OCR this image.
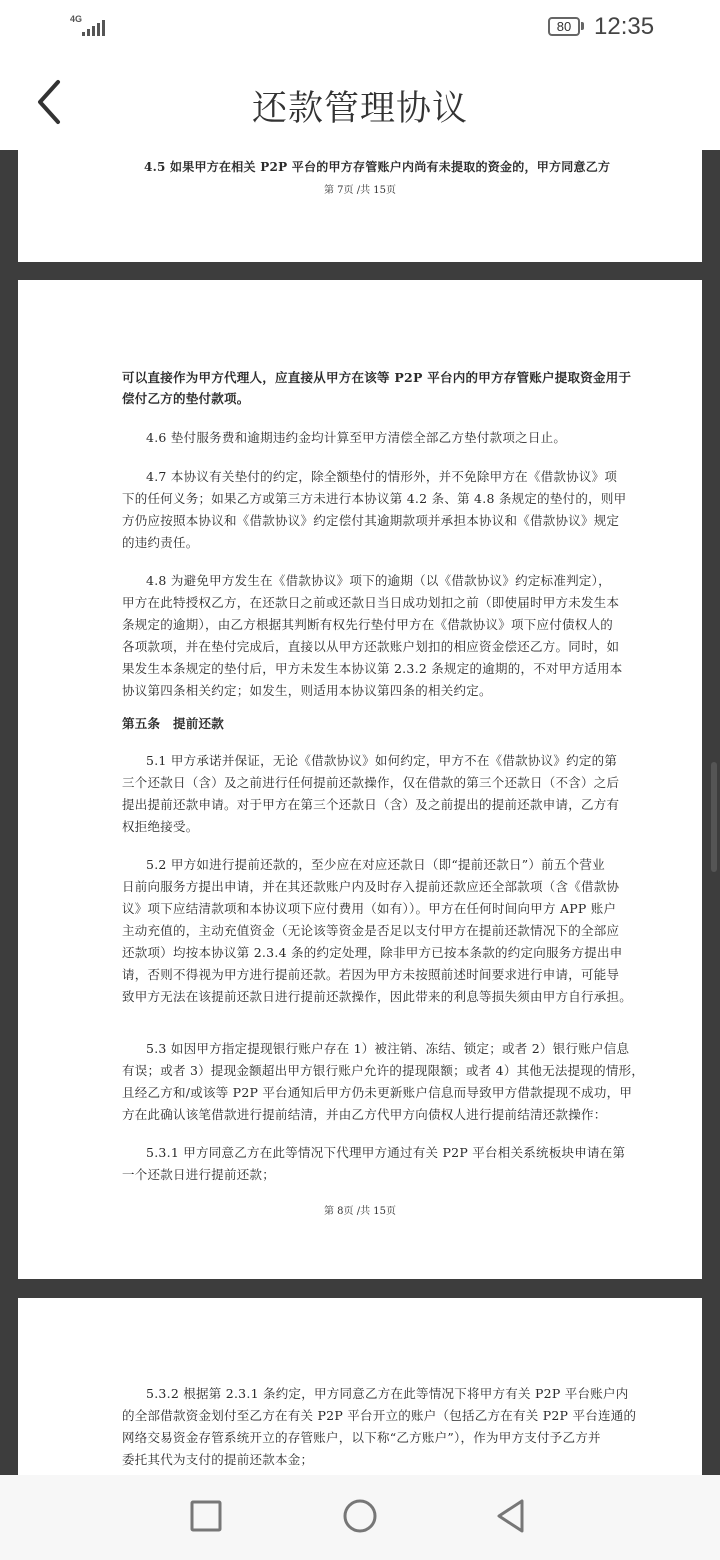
4G	80 12:35
还款管理协议
4.5 如果甲方在相关 P2P 平台的甲方存管账户内尚有未提取的资金的，甲方同意乙方
第 7页 /共 15页
可以直接作为甲方代理人，应直接从甲方在该等 P2P 平台内的甲方存管账户提取资金用于
偿付乙方的垫付款项。
4.6 垫付服务费和逾期违约金均计算至甲方清偿全部乙方垫付款项之日止。
4.7 本协议有关垫付的约定，除全额垫付的情形外，并不免除甲方在《借款协议》项
下的任何义务；如果乙方或第三方未进行本协议第 4.2 条、第 4.8 条规定的垫付的，则甲
方仍应按照本协议和《借款协议》约定偿付其逾期款项并承担本协议和《借款协议》规定
的违约责任。
4.8 为避免甲方发生在《借款协议》项下的逾期（以《借款协议》约定标准判定），
甲方在此特授权乙方，在还款日之前或还款日当日成功划扣之前（即使届时甲方未发生本
条规定的逾期），由乙方根据其判断有权先行垫付甲方在《借款协议》项下应付债权人的
各项款项，并在垫付完成后，直接以从甲方还款账户划扣的相应资金偿还乙方。同时，如
果发生本条规定的垫付后，甲方未发生本协议第 2.3.2 条规定的逾期的，不对甲方适用本
协议第四条相关约定；如发生，则适用本协议第四条的相关约定。
第五条　提前还款
5.1 甲方承诺并保证，无论《借款协议》如何约定，甲方不在《借款协议》约定的第
三个还款日（含）及之前进行任何提前还款操作，仅在借款的第三个还款日（不含）之后
提出提前还款申请。对于甲方在第三个还款日（含）及之前提出的提前还款申请，乙方有
权拒绝接受。
5.2 甲方如进行提前还款的，至少应在对应还款日（即“提前还款日”）前五个营业
日前向服务方提出申请，并在其还款账户内及时存入提前还款应还全部款项（含《借款协
议》项下应结清款项和本协议项下应付费用（如有））。甲方在任何时间向甲方 APP 账户
主动充值的，主动充值资金（无论该等资金是否足以支付甲方在提前还款情况下的全部应
还款项）均按本协议第 2.3.4 条的约定处理，除非甲方已按本条款的约定向服务方提出申
请，否则不得视为甲方进行提前还款。若因为甲方未按照前述时间要求进行申请，可能导
致甲方无法在该提前还款日进行提前还款操作，因此带来的利息等损失须由甲方自行承担。
5.3 如因甲方指定提现银行账户存在 1）被注销、冻结、锁定；或者 2）银行账户信息
有误；或者 3）提现金额超出甲方银行账户允许的提现限额；或者 4）其他无法提现的情形，
且经乙方和/或该等 P2P 平台通知后甲方仍未更新账户信息而导致甲方借款提现不成功，甲
方在此确认该笔借款进行提前结清，并由乙方代甲方向债权人进行提前结清还款操作：
5.3.1 甲方同意乙方在此等情况下代理甲方通过有关 P2P 平台相关系统板块申请在第
一个还款日进行提前还款；
第 8页 /共 15页
5.3.2 根据第 2.3.1 条约定，甲方同意乙方在此等情况下将甲方有关 P2P 平台账户内
的全部借款资金划付至乙方在有关 P2P 平台开立的账户（包括乙方在有关 P2P 平台连通的
网络交易资金存管系统开立的存管账户，以下称“乙方账户”），作为甲方支付予乙方并
委托其代为支付的提前还款本金；
